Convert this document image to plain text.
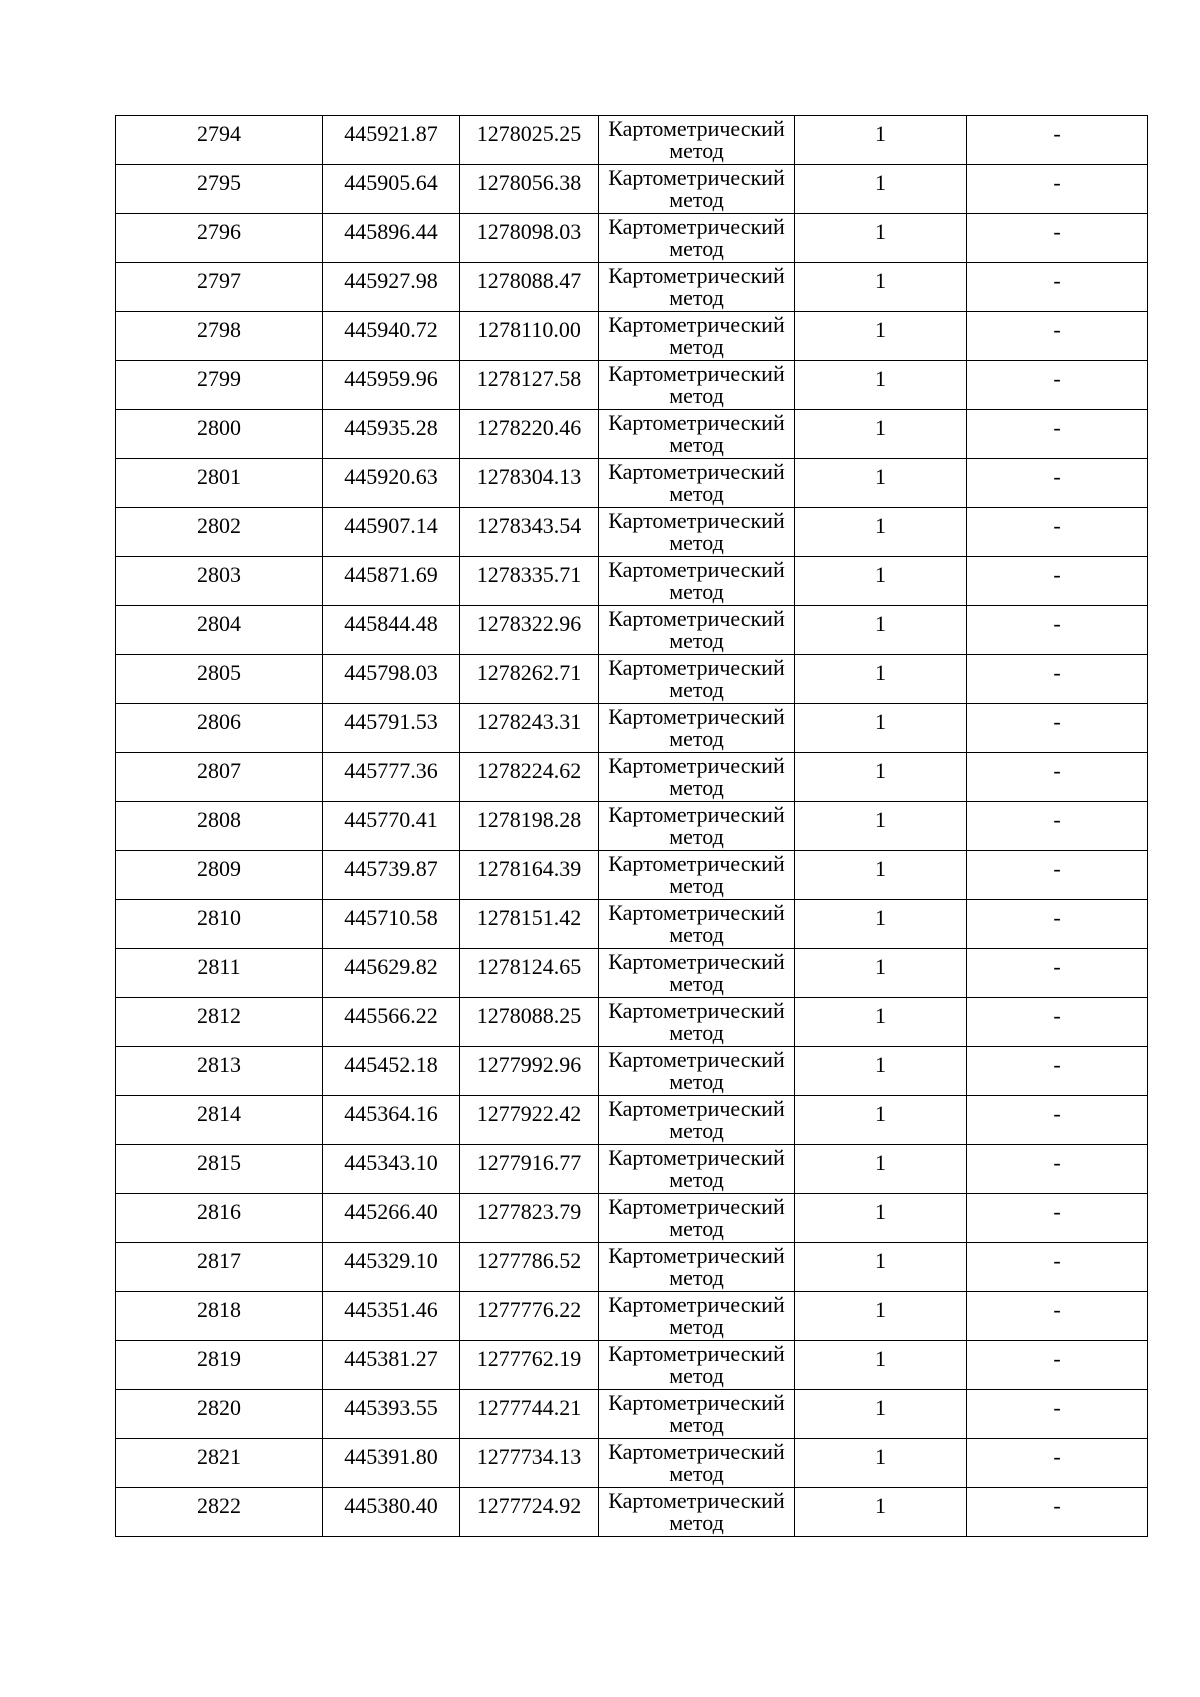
2794	445921.87	1278025.25	Картометрический метод	1	-

2795	445905.64	1278056.38	Картометрический метод	1	-

2796	445896.44	1278098.03	Картометрический метод	1	-

2797	445927.98	1278088.47	Картометрический метод	1	-

2798	445940.72	1278110.00	Картометрический метод	1	-

2799	445959.96	1278127.58	Картометрический метод	1	-

2800	445935.28	1278220.46	Картометрический метод	1	-

2801	445920.63	1278304.13	Картометрический метод	1	-

2802	445907.14	1278343.54	Картометрический метод	1	-

2803	445871.69	1278335.71	Картометрический метод	1	-

2804	445844.48	1278322.96	Картометрический метод	1	-

2805	445798.03	1278262.71	Картометрический метод	1	-

2806	445791.53	1278243.31	Картометрический метод	1	-

2807	445777.36	1278224.62	Картометрический метод	1	-

2808	445770.41	1278198.28	Картометрический метод	1	-

2809	445739.87	1278164.39	Картометрический метод	1	-

2810	445710.58	1278151.42	Картометрический метод	1	-

2811	445629.82	1278124.65	Картометрический метод	1	-

2812	445566.22	1278088.25	Картометрический метод	1	-

2813	445452.18	1277992.96	Картометрический метод	1	-

2814	445364.16	1277922.42	Картометрический метод	1	-

2815	445343.10	1277916.77	Картометрический метод	1	-

2816	445266.40	1277823.79	Картометрический метод	1	-

2817	445329.10	1277786.52	Картометрический метод	1	-

2818	445351.46	1277776.22	Картометрический метод	1	-

2819	445381.27	1277762.19	Картометрический метод	1	-

2820	445393.55	1277744.21	Картометрический метод	1	-

2821	445391.80	1277734.13	Картометрический метод	1	-

2822	445380.40	1277724.92	Картометрический метод	1	-
